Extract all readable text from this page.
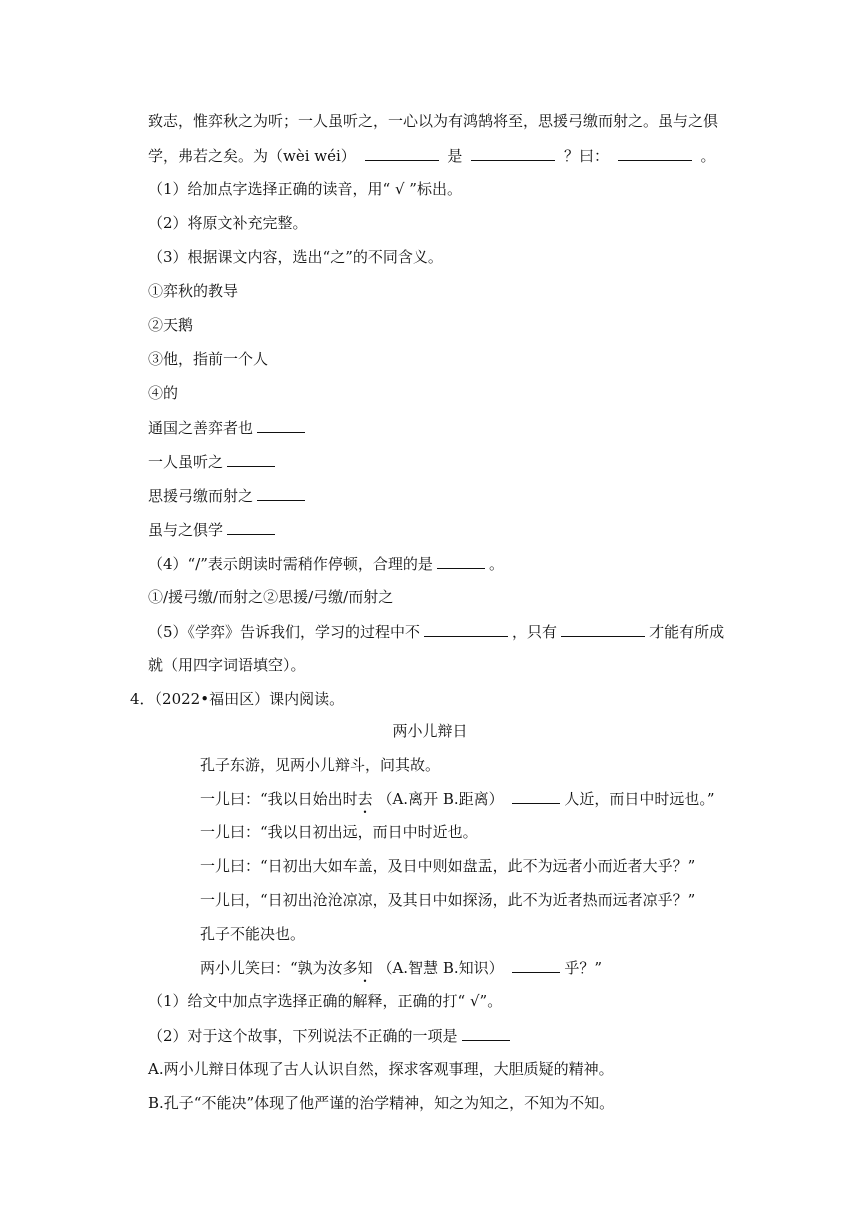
致志，惟弈秋之为听；一人虽听之，一心以为有鸿鹄将至，思援弓缴而射之。虽与之俱
学，弗若之矣。为（wèi wéi）	是	？曰：	。
（1）给加点字选择正确的读音，用“ √ ”标出。
（2）将原文补充完整。
（3）根据课文内容，选出“之”的不同含义。
①弈秋的教导
②天鹅
③他，指前一个人
④的
通国之善弈者也
一人虽听之
思援弓缴而射之
虽与之俱学
（4）“/”表示朗读时需稍作停顿，合理的是	。
①/援弓缴/而射之②思援/弓缴/而射之
（5）《学弈》告诉我们，学习的过程中不	，只有	才能有所成
就（用四字词语填空）。
4．（2022•福田区）课内阅读。
两小儿辩日
孔子东游，见两小儿辩斗，问其故。
一儿曰：“我以日始出时去 （A.离开 B.距离）	人近，而日中时远也。”
一儿曰：“我以日初出远，而日中时近也。
一儿曰：“日初出大如车盖，及日中则如盘盂，此不为远者小而近者大乎？”
一儿曰，“日初出沧沧凉凉，及其日中如探汤，此不为近者热而远者凉乎？”
孔子不能决也。
两小儿笑曰：“孰为汝多知 （A.智慧 B.知识）	乎？”
（1）给文中加点字选择正确的解释，正确的打“ √”。
（2）对于这个故事，下列说法不正确的一项是
A.两小儿辩日体现了古人认识自然，探求客观事理，大胆质疑的精神。
B.孔子“不能决”体现了他严谨的治学精神，知之为知之，不知为不知。
